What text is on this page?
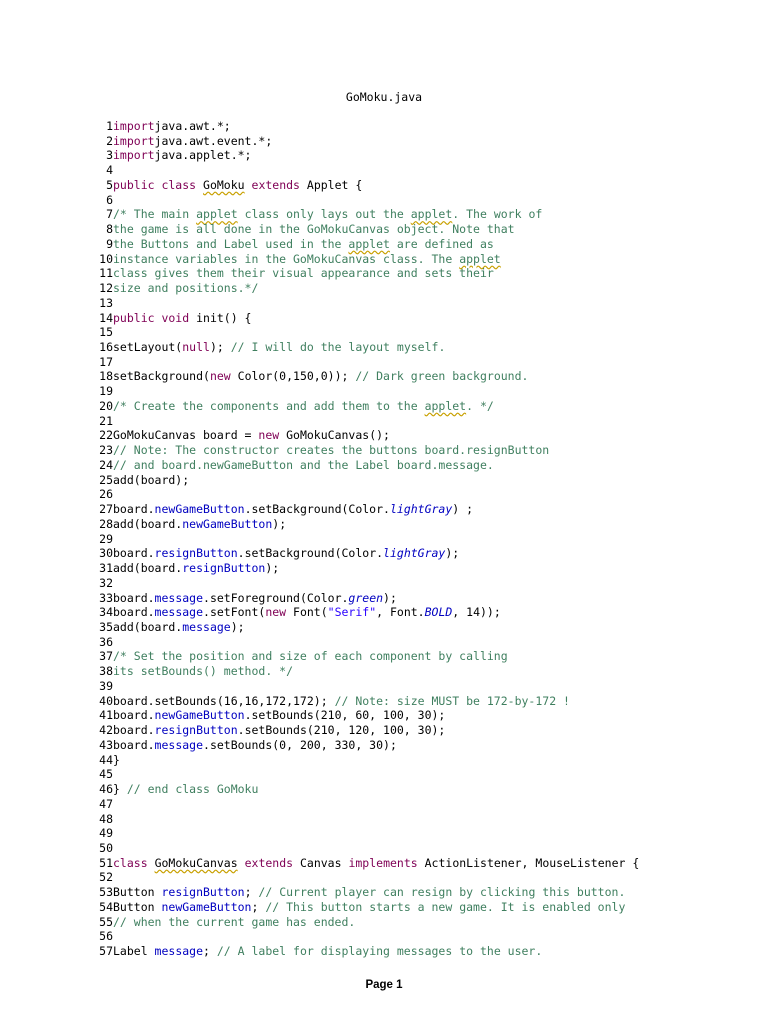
GoMoku.java
1 importjava.awt.*;
2 importjava.awt.event.*;
3 importjava.applet.*;
4
5 public class GoMoku extends Applet {
6
7 /* The main applet class only lays out the applet. The work of
8 the game is all done in the GoMokuCanvas object. Note that
9 the Buttons and Label used in the applet are defined as
10 instance variables in the GoMokuCanvas class. The applet
11 class gives them their visual appearance and sets their
12 size and positions.*/
13
14 public void init() {
15
16 setLayout(null); // I will do the layout myself.
17
18 setBackground(new Color(0,150,0)); // Dark green background.
19
20 /* Create the components and add them to the applet. */
21
22 GoMokuCanvas board = new GoMokuCanvas();
23 // Note: The constructor creates the buttons board.resignButton
24 // and board.newGameButton and the Label board.message.
25 add(board);
26
27 board.newGameButton.setBackground(Color.lightGray) ;
28 add(board.newGameButton);
29
30 board.resignButton.setBackground(Color.lightGray);
31 add(board.resignButton);
32
33 board.message.setForeground(Color.green);
34 board.message.setFont(new Font("Serif", Font.BOLD, 14));
35 add(board.message);
36
37 /* Set the position and size of each component by calling
38 its setBounds() method. */
39
40 board.setBounds(16,16,172,172); // Note: size MUST be 172-by-172 !
41 board.newGameButton.setBounds(210, 60, 100, 30);
42 board.resignButton.setBounds(210, 120, 100, 30);
43 board.message.setBounds(0, 200, 330, 30);
44 }
45
46 } // end class GoMoku
47
48
49
50
51 class GoMokuCanvas extends Canvas implements ActionListener, MouseListener {
52
53 Button resignButton; // Current player can resign by clicking this button.
54 Button newGameButton; // This button starts a new game. It is enabled only
55 // when the current game has ended.
56
57 Label message; // A label for displaying messages to the user.
Page 1
